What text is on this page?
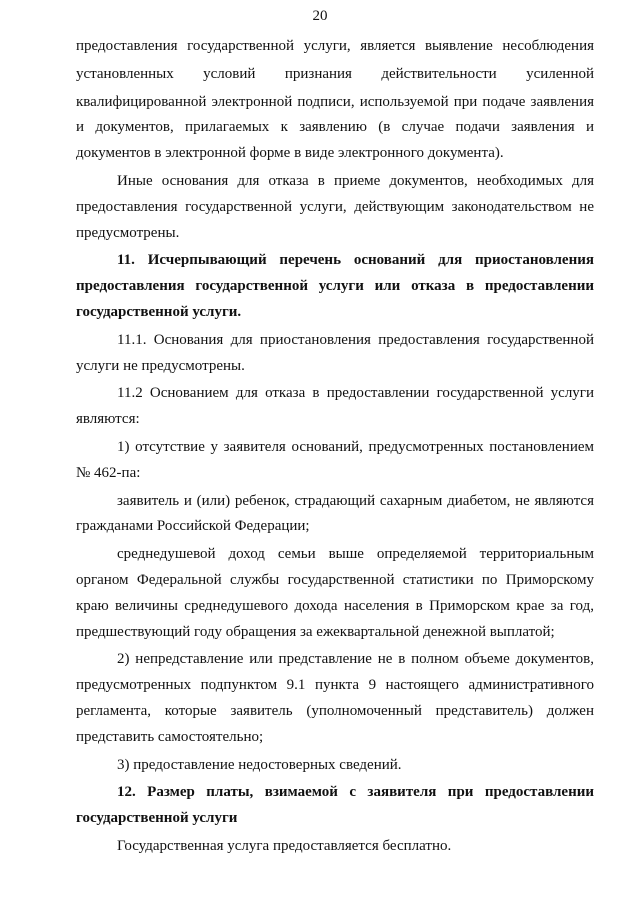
20

предоставления государственной услуги, является выявление несоблюдения

установленных условий признания действительности усиленной

квалифицированной электронной подписи, используемой при подаче заявления и документов, прилагаемых к заявлению (в случае подачи заявления и документов в электронной форме в виде электронного документа).

Иные основания для отказа в приеме документов, необходимых для предоставления государственной услуги, действующим законодательством не предусмотрены.

11. Исчерпывающий перечень оснований для приостановления предоставления государственной услуги или отказа в предоставлении государственной услуги.

11.1. Основания для приостановления предоставления государственной услуги не предусмотрены.

11.2 Основанием для отказа в предоставлении государственной услуги являются:

1) отсутствие у заявителя оснований, предусмотренных постановлением № 462-па:

заявитель и (или) ребенок, страдающий сахарным диабетом, не являются гражданами Российской Федерации;

среднедушевой доход семьи выше определяемой территориальным органом Федеральной службы государственной статистики по Приморскому краю величины среднедушевого дохода населения в Приморском крае за год, предшествующий году обращения за ежеквартальной денежной выплатой;

2) непредставление или представление не в полном объеме документов, предусмотренных подпунктом 9.1 пункта 9 настоящего административного регламента, которые заявитель (уполномоченный представитель) должен представить самостоятельно;

3) предоставление недостоверных сведений.

12. Размер платы, взимаемой с заявителя при предоставлении государственной услуги

Государственная услуга предоставляется бесплатно.
